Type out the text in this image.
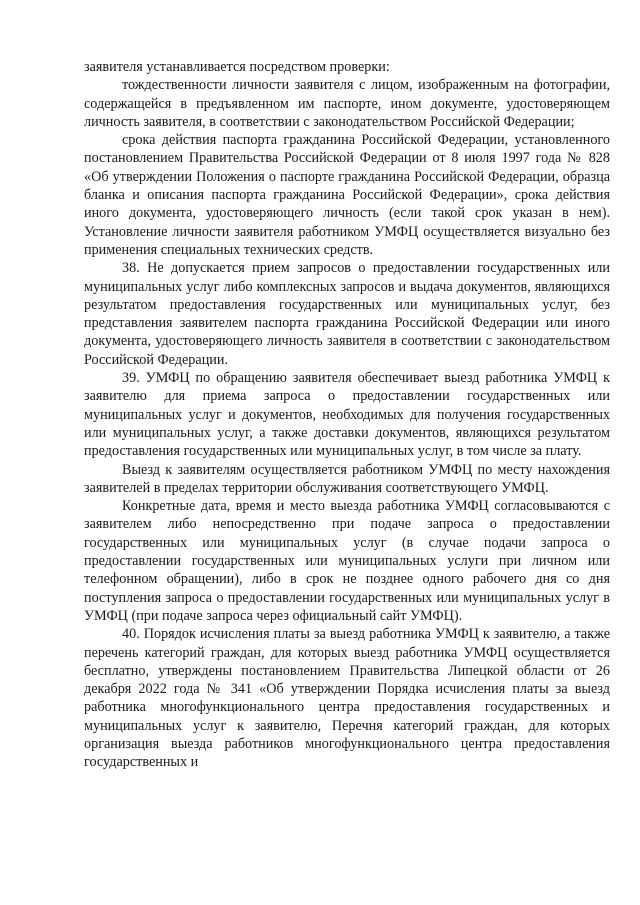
заявителя устанавливается посредством проверки:

тождественности личности заявителя с лицом, изображенным на фотографии, содержащейся в предъявленном им паспорте, ином документе, удостоверяющем личность заявителя, в соответствии с законодательством Российской Федерации;

срока действия паспорта гражданина Российской Федерации, установленного постановлением Правительства Российской Федерации от 8 июля 1997 года № 828 «Об утверждении Положения о паспорте гражданина Российской Федерации, образца бланка и описания паспорта гражданина Российской Федерации», срока действия иного документа, удостоверяющего личность (если такой срок указан в нем). Установление личности заявителя работником УМФЦ осуществляется визуально без применения специальных технических средств.

38. Не допускается прием запросов о предоставлении государственных или муниципальных услуг либо комплексных запросов и выдача документов, являющихся результатом предоставления государственных или муниципальных услуг, без представления заявителем паспорта гражданина Российской Федерации или иного документа, удостоверяющего личность заявителя в соответствии с законодательством Российской Федерации.

39. УМФЦ по обращению заявителя обеспечивает выезд работника УМФЦ к заявителю для приема запроса о предоставлении государственных или муниципальных услуг и документов, необходимых для получения государственных или муниципальных услуг, а также доставки документов, являющихся результатом предоставления государственных или муниципальных услуг, в том числе за плату.

Выезд к заявителям осуществляется работником УМФЦ по месту нахождения заявителей в пределах территории обслуживания соответствующего УМФЦ.

Конкретные дата, время и место выезда работника УМФЦ согласовываются с заявителем либо непосредственно при подаче запроса о предоставлении государственных или муниципальных услуг (в случае подачи запроса о предоставлении государственных или муниципальных услуги при личном или телефонном обращении), либо в срок не позднее одного рабочего дня со дня поступления запроса о предоставлении государственных или муниципальных услуг в УМФЦ (при подаче запроса через официальный сайт УМФЦ).

40. Порядок исчисления платы за выезд работника УМФЦ к заявителю, а также перечень категорий граждан, для которых выезд работника УМФЦ осуществляется бесплатно, утверждены постановлением Правительства Липецкой области от 26 декабря 2022 года № 341 «Об утверждении Порядка исчисления платы за выезд работника многофункционального центра предоставления государственных и муниципальных услуг к заявителю, Перечня категорий граждан, для которых организация выезда работников многофункционального центра предоставления государственных и
